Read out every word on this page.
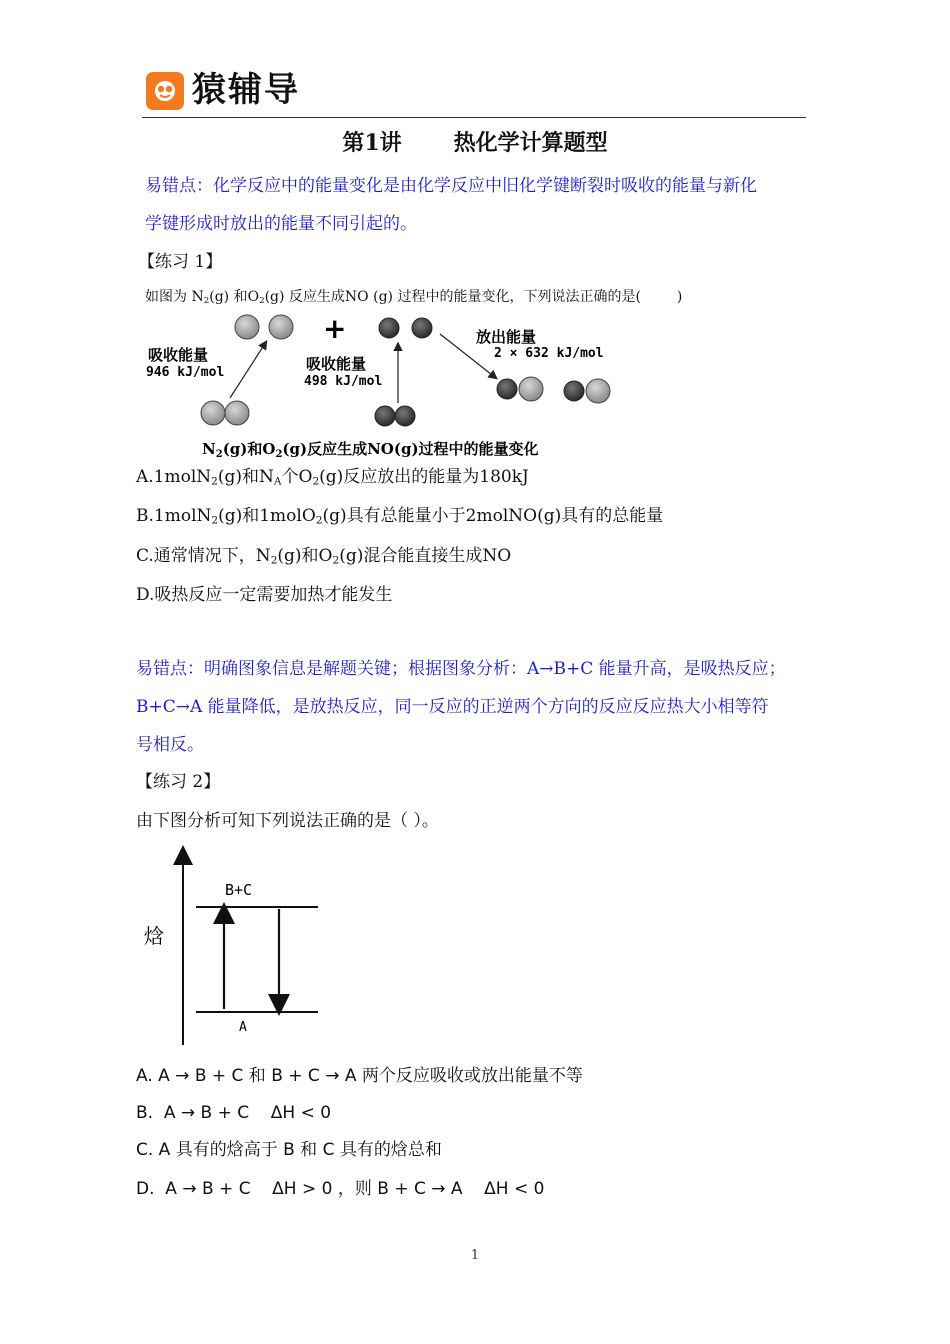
猿辅导
第1讲 热化学计算题型
易错点：化学反应中的能量变化是由化学反应中旧化学键断裂时吸收的能量与新化
学键形成时放出的能量不同引起的。
【练习 1】
如图为 $N_2(g)$ 和$O_2(g)$ 反应生成NO (g) 过程中的能量变化，下列说法正确的是(	)
+
吸收能量
946 kJ/mol	吸收能量
498 kJ/mol
放出能量
2 × 632 kJ/mol
$N_2(g)$和$O_2(g)$反应生成NO(g)过程中的能量变化
A.1molN$_2$(g)和$N_A$个$O_2(g)$反应放出的能量为180kJ
B.1molN$_2$(g)和1molO$_2$(g)具有总能量小于2molNO(g)具有的总能量
C.通常情况下，$N_2(g)$和$O_2(g)$混合能直接生成NO
D.吸热反应一定需要加热才能发生
易错点：明确图象信息是解题关键；根据图象分析：A→B+C 能量升高，是吸热反应；
B+C→A 能量降低，是放热反应，同一反应的正逆两个方向的反应反应热大小相等符
号相反。
【练习 2】
由下图分析可知下列说法正确的是（ ）。
B+C
A
焓
A. A → B + C 和 B + C → A 两个反应吸收或放出能量不等
B.  A → B + C    ΔH < 0
C. A 具有的焓高于 B 和 C 具有的焓总和
D.  A → B + C    ΔH > 0 ，则 B + C → A    ΔH < 0
1
